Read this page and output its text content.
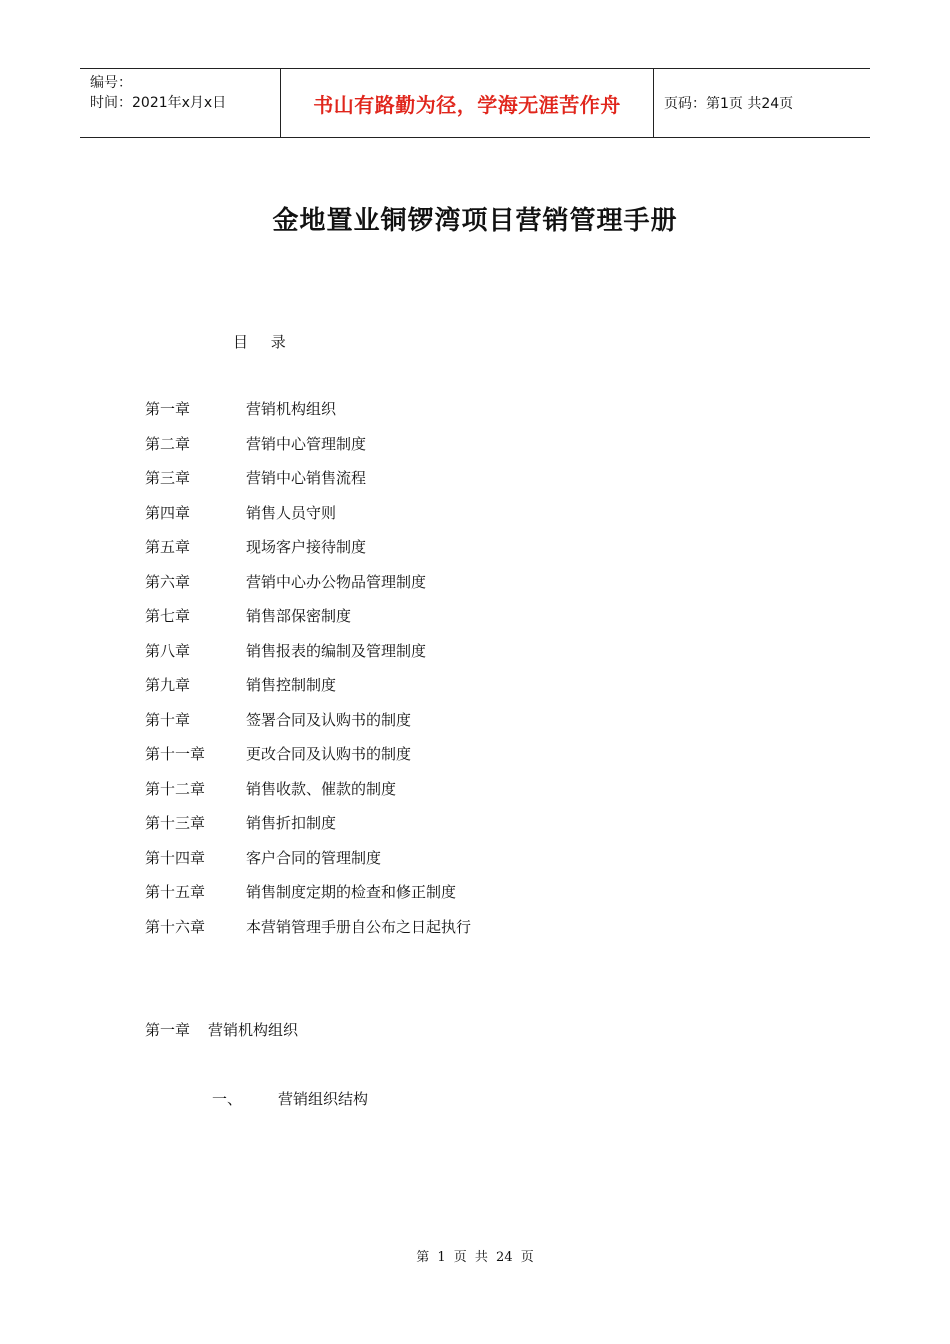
编号：
时间：2021年x月x日	书山有路勤为径，学海无涯苦作舟	页码：第1页 共24页
金地置业铜锣湾项目营销管理手册
目 录
第一章	营销机构组织
第二章	营销中心管理制度
第三章	营销中心销售流程
第四章	销售人员守则
第五章	现场客户接待制度
第六章	营销中心办公物品管理制度
第七章	销售部保密制度
第八章	销售报表的编制及管理制度
第九章	销售控制制度
第十章	签署合同及认购书的制度
第十一章	更改合同及认购书的制度
第十二章	销售收款、催款的制度
第十三章	销售折扣制度
第十四章	客户合同的管理制度
第十五章	销售制度定期的检查和修正制度
第十六章	本营销管理手册自公布之日起执行
第一章 营销机构组织
一、 营销组织结构
第 1 页 共 24 页
